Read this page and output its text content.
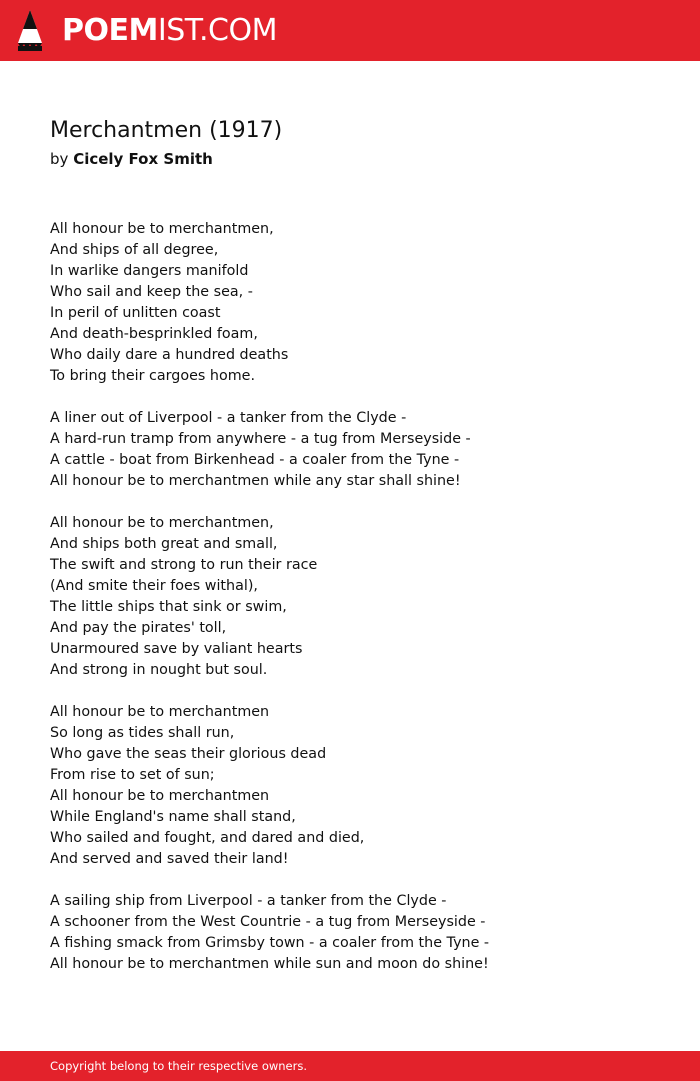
POEMIST.COM
Merchantmen (1917)
by Cicely Fox Smith
All honour be to merchantmen,
And ships of all degree,
In warlike dangers manifold
Who sail and keep the sea, -
In peril of unlitten coast
And death-besprinkled foam,
Who daily dare a hundred deaths
To bring their cargoes home.
A liner out of Liverpool - a tanker from the Clyde -
A hard-run tramp from anywhere - a tug from Merseyside -
A cattle - boat from Birkenhead - a coaler from the Tyne -
All honour be to merchantmen while any star shall shine!
All honour be to merchantmen,
And ships both great and small,
The swift and strong to run their race
(And smite their foes withal),
The little ships that sink or swim,
And pay the pirates' toll,
Unarmoured save by valiant hearts
And strong in nought but soul.
All honour be to merchantmen
So long as tides shall run,
Who gave the seas their glorious dead
From rise to set of sun;
All honour be to merchantmen
While England's name shall stand,
Who sailed and fought, and dared and died,
And served and saved their land!
A sailing ship from Liverpool - a tanker from the Clyde -
A schooner from the West Countrie - a tug from Merseyside -
A fishing smack from Grimsby town - a coaler from the Tyne -
All honour be to merchantmen while sun and moon do shine!
Copyright belong to their respective owners.
